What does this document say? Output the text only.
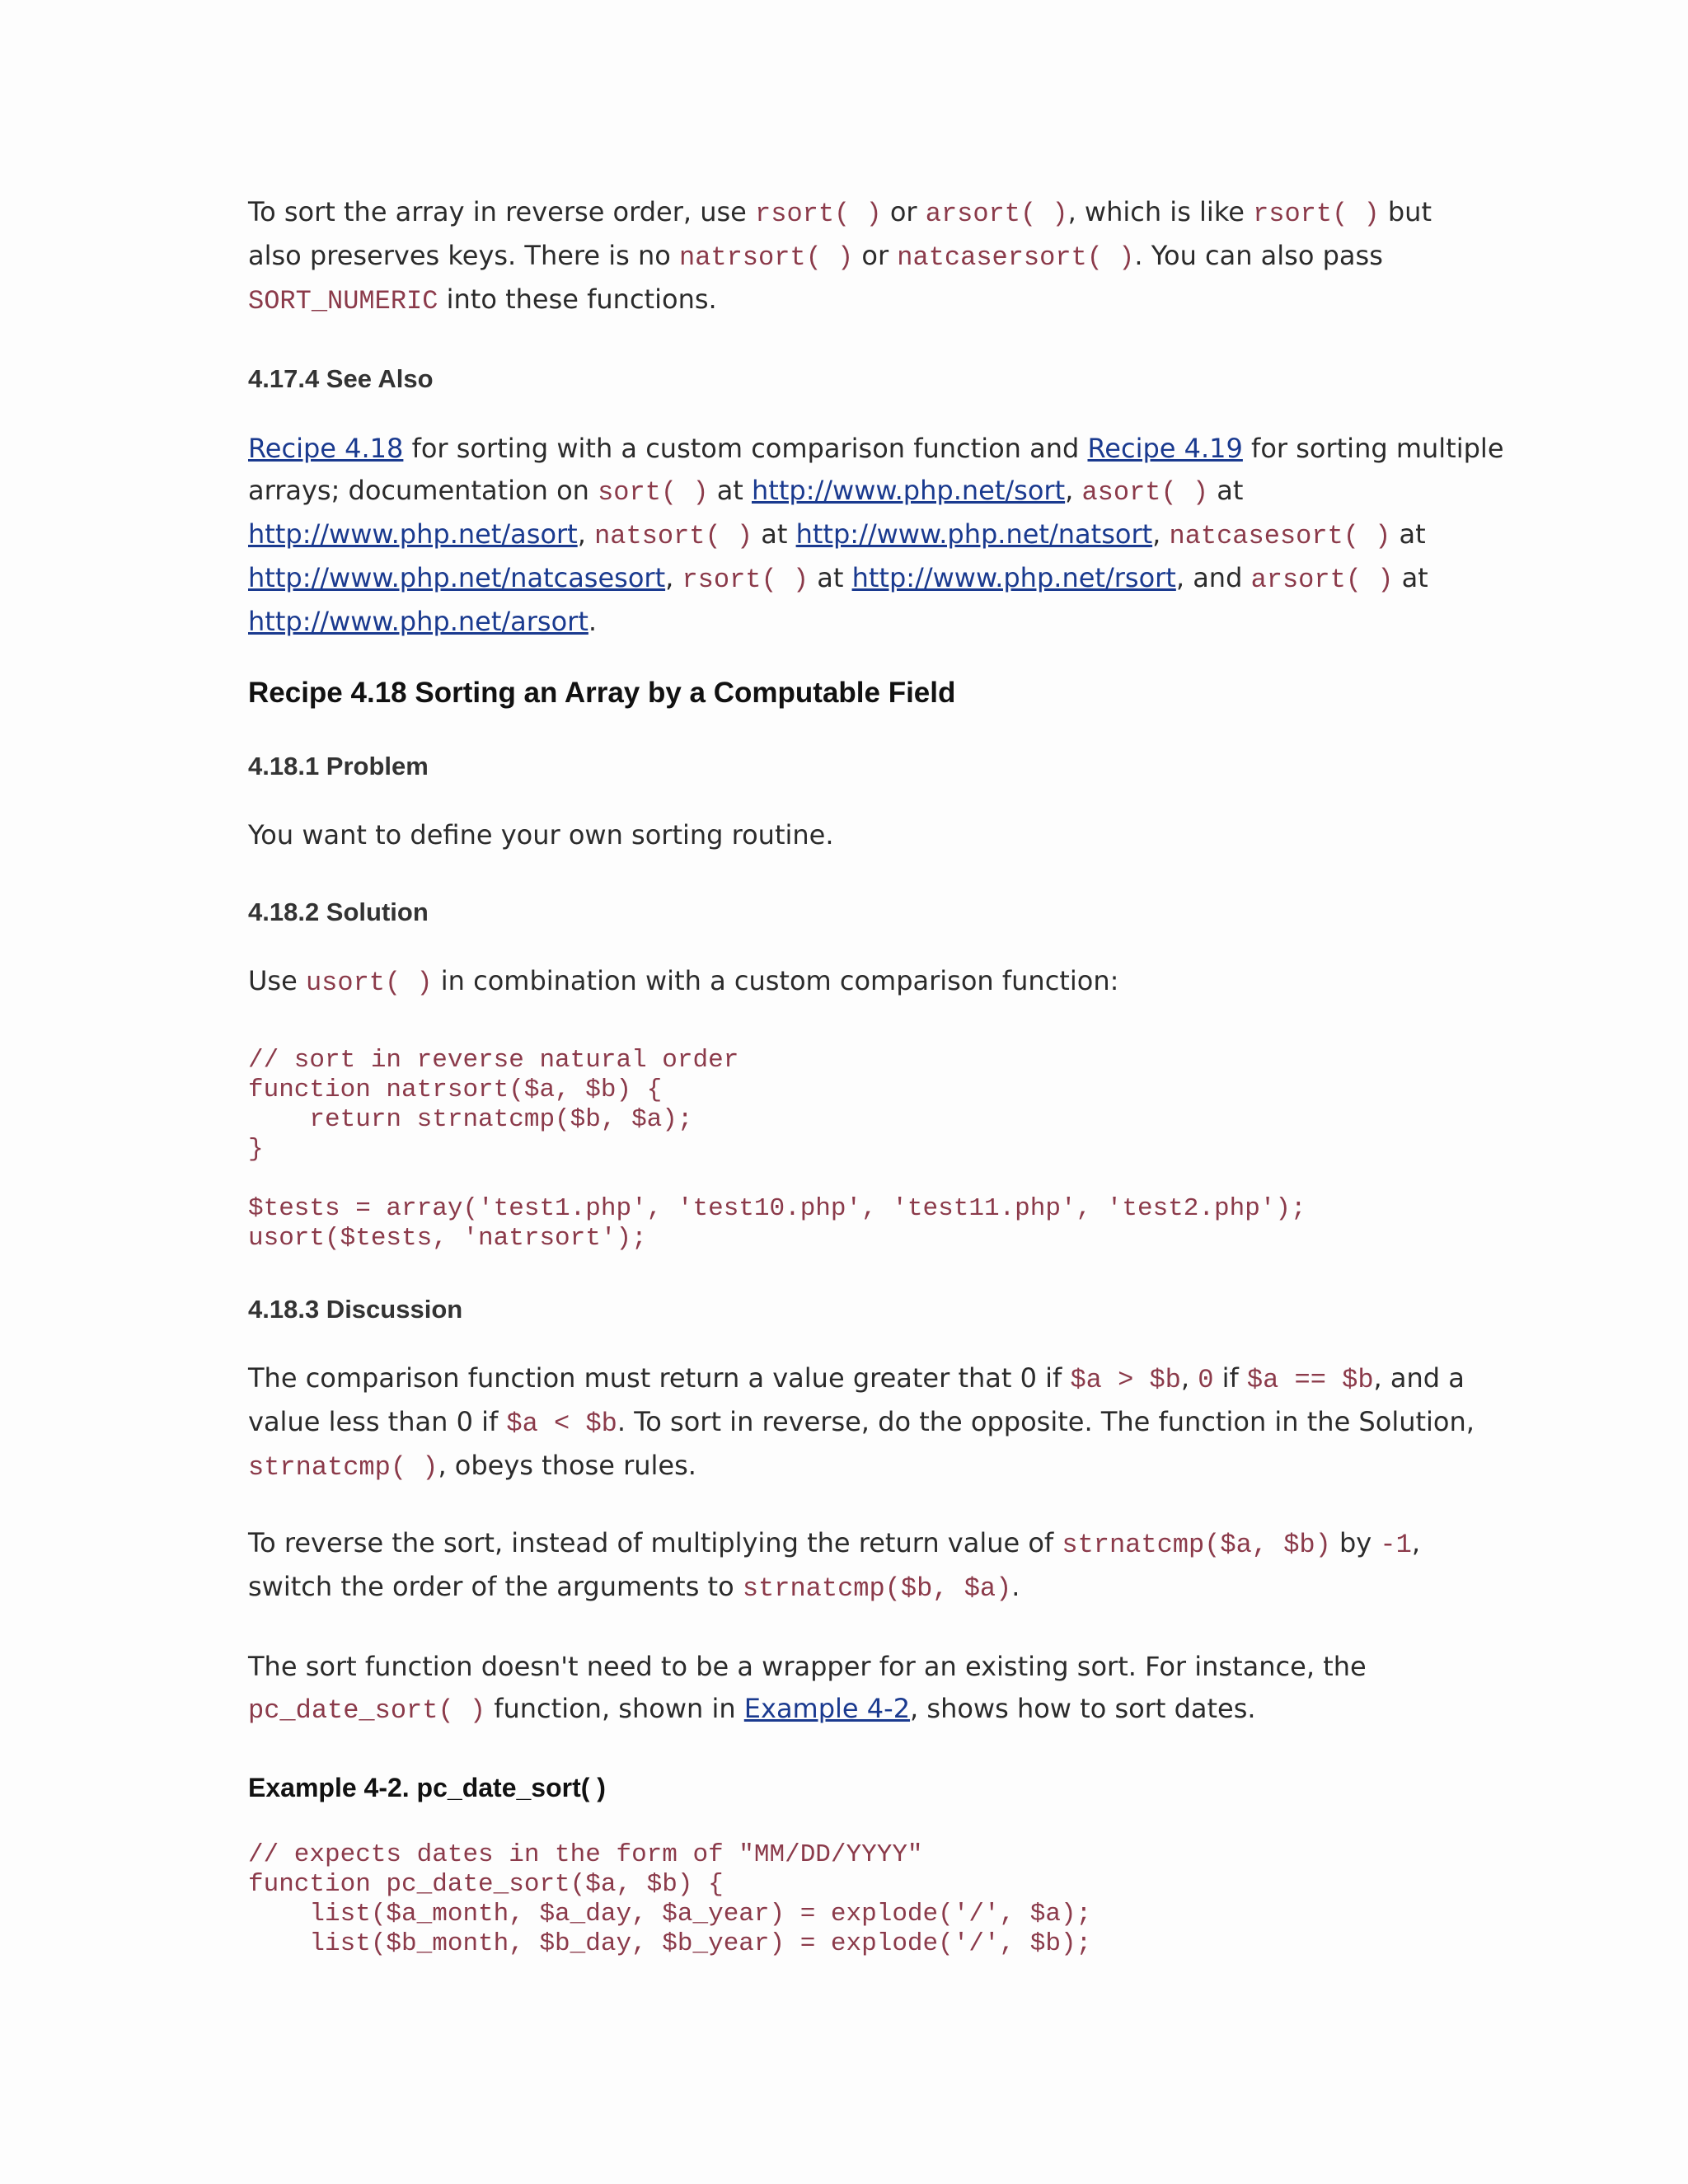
To sort the array in reverse order, use rsort( ) or arsort( ), which is like rsort( ) but

also preserves keys. There is no natrsort( ) or natcasersort( ). You can also pass

SORT_NUMERIC into these functions.

4.17.4 See Also

Recipe 4.18 for sorting with a custom comparison function and Recipe 4.19 for sorting multiple

arrays; documentation on sort( ) at http://www.php.net/sort, asort( ) at

http://www.php.net/asort, natsort( ) at http://www.php.net/natsort, natcasesort( ) at

http://www.php.net/natcasesort, rsort( ) at http://www.php.net/rsort, and arsort( ) at

http://www.php.net/arsort.

Recipe 4.18 Sorting an Array by a Computable Field
4.18.1 Problem

You want to define your own sorting routine.

4.18.2 Solution

Use usort( ) in combination with a custom comparison function:

// sort in reverse natural order
function natrsort($a, $b) {
return strnatcmp($b, $a);
}

$tests = array('test1.php', 'test10.php', 'test11.php', 'test2.php');
usort($tests, 'natrsort');
4.18.3 Discussion

The comparison function must return a value greater that 0 if $a > $b, 0 if $a == $b, and a

value less than 0 if $a < $b. To sort in reverse, do the opposite. The function in the Solution,

strnatcmp( ), obeys those rules.

To reverse the sort, instead of multiplying the return value of strnatcmp($a, $b) by -1,

switch the order of the arguments to strnatcmp($b, $a).

The sort function doesn't need to be a wrapper for an existing sort. For instance, the

pc_date_sort( ) function, shown in Example 4-2, shows how to sort dates.

Example 4-2. pc_date_sort( )
// expects dates in the form of "MM/DD/YYYY"
function pc_date_sort($a, $b) {
list($a_month, $a_day, $a_year) = explode('/', $a);
list($b_month, $b_day, $b_year) = explode('/', $b);
